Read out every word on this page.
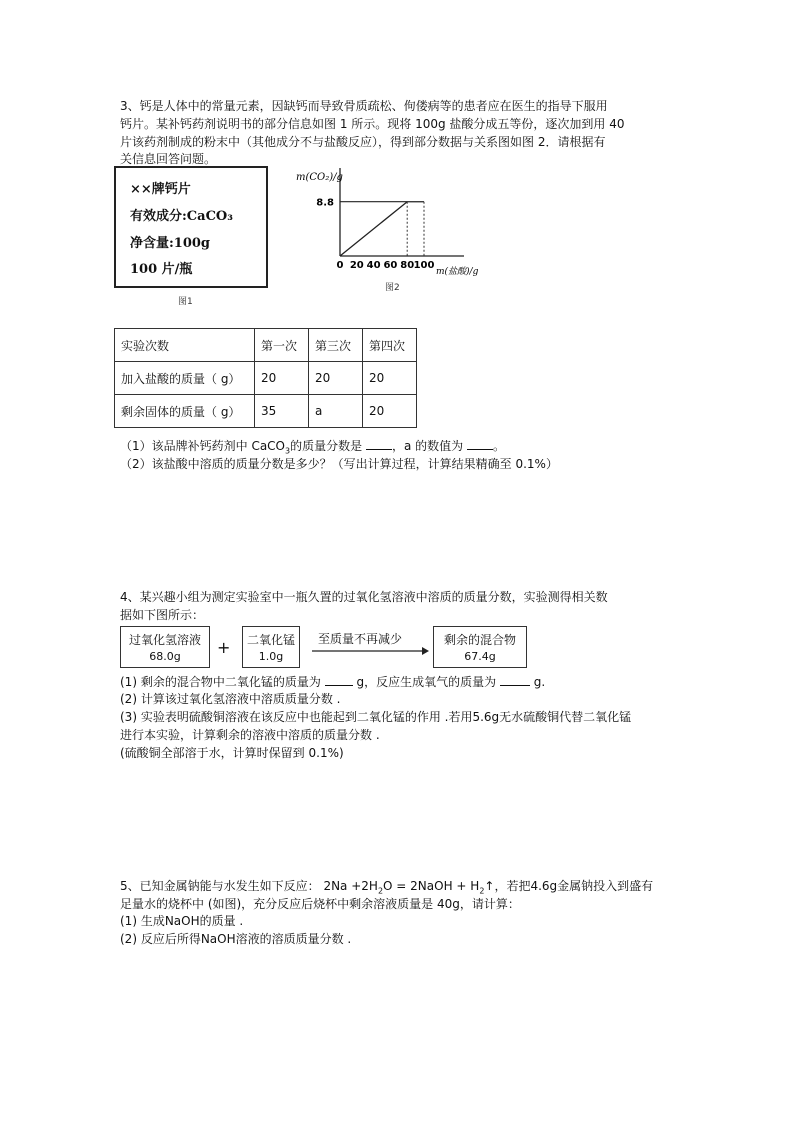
3、钙是人体中的常量元素，因缺钙而导致骨质疏松、佝偻病等的患者应在医生的指导下服用
钙片。某补钙药剂说明书的部分信息如图 1 所示。现将 100g 盐酸分成五等份，逐次加到用 40
片该药剂制成的粉末中（其他成分不与盐酸反应），得到部分数据与关系图如图 2．请根据有
关信息回答问题。
××牌钙片
有效成分:CaCO₃
净含量:100g
100 片/瓶
图1
m(CO₂)/g
m(盐酸)/g
0 20 40 60 80 100
8.8
图2
实验次数	第一次	第三次	第四次
加入盐酸的质量（ g）	20	20	20
剩余固体的质量（ g）	35	a	20
（1）该品牌补钙药剂中 CaCO$_3$的质量分数是 ，a 的数值为 。
（2）该盐酸中溶质的质量分数是多少？（写出计算过程，计算结果精确至 0.1%）
4、某兴趣小组为测定实验室中一瓶久置的过氧化氢溶液中溶质的质量分数，实验测得相关数
据如下图所示：
过氧化氢溶液
68.0g	+	二氧化锰
1.0g
至质量不再减少	剩余的混合物
67.4g
(1) 剩余的混合物中二氧化锰的质量为	g，反应生成氧气的质量为	g.
(2) 计算该过氧化氢溶液中溶质质量分数 .
(3) 实验表明硫酸铜溶液在该反应中也能起到二氧化锰的作用 .若用5.6g无水硫酸铜代替二氧化锰
进行本实验，计算剩余的溶液中溶质的质量分数 .
(硫酸铜全部溶于水，计算时保留到 0.1%)
5、已知金属钠能与水发生如下反应： $2Na +2H_2O$ = 2NaOH + $H_2↑$，若把4.6g金属钠投入到盛有
足量水的烧杯中 (如图)，充分反应后烧杯中剩余溶液质量是 40g，请计算：
(1) 生成NaOH的质量 .
(2) 反应后所得NaOH溶液的溶质质量分数 .
